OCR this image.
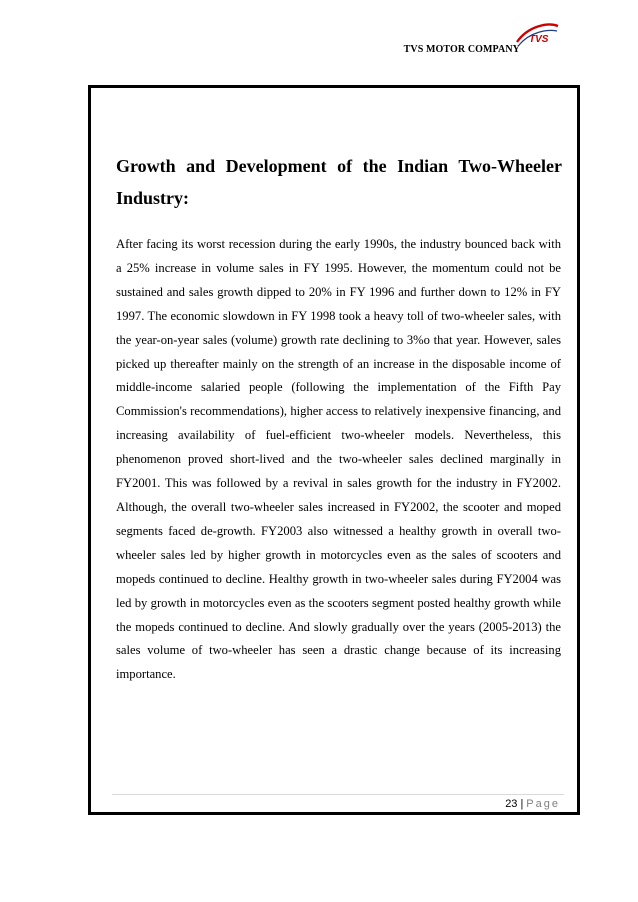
TVS
TVS MOTOR COMPANY
Growth and Development of the Indian Two-Wheeler Industry:
After facing its worst recession during the early 1990s, the industry bounced back with a 25% increase in volume sales in FY 1995. However, the momentum could not be sustained and sales growth dipped to 20% in FY 1996 and further down to 12% in FY 1997. The economic slowdown in FY 1998 took a heavy toll of two-wheeler sales, with the year-on-year sales (volume) growth rate declining to 3%o that year. However, sales picked up thereafter mainly on the strength of an increase in the disposable income of middle-income salaried people (following the implementation of the Fifth Pay Commission's recommendations), higher access to relatively inexpensive financing, and increasing availability of fuel-efficient two-wheeler models. Nevertheless, this phenomenon proved short-lived and the two-wheeler sales declined marginally in FY2001. This was followed by a revival in sales growth for the industry in FY2002. Although, the overall two-wheeler sales increased in FY2002, the scooter and moped segments faced de-growth. FY2003 also witnessed a healthy growth in overall two-wheeler sales led by higher growth in motorcycles even as the sales of scooters and mopeds continued to decline. Healthy growth in two-wheeler sales during FY2004 was led by growth in motorcycles even as the scooters segment posted healthy growth while the mopeds continued to decline. And slowly gradually over the years (2005-2013) the sales volume of two-wheeler has seen a drastic change because of its increasing importance.
23 | Page
